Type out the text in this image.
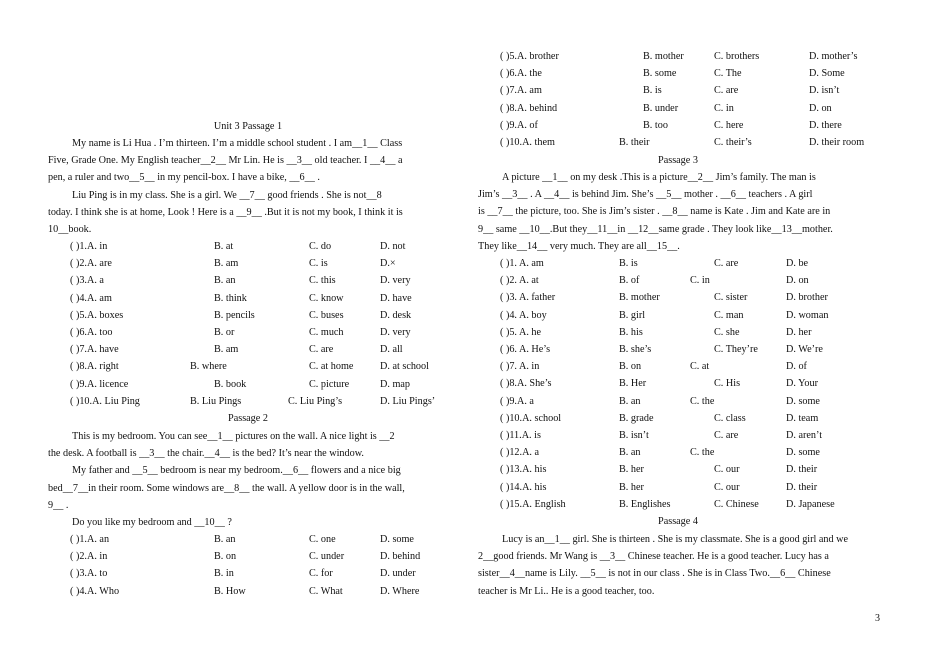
Unit 3 Passage 1
My name is Li Hua . I’m thirteen. I’m a middle school student . I am__1__ Class
Five, Grade One. My English teacher__2__ Mr Lin. He is __3__ old teacher. I __4__ a
pen, a ruler and two__5__ in my pencil-box. I have a bike, __6__ .
Liu Ping is in my class. She is a girl. We __7__ good friends . She is not__8
today. I think she is at home, Look ! Here is a __9__ .But it is not my book, I think it is
10__book.
( )1.A. in	B. at	C. do	D. not
( )2.A. are	B. am	C. is	D.×
( )3.A. a	B. an	C. this	D. very
( )4.A. am	B. think	C. know	D. have
( )5.A. boxes	B. pencils	C. buses	D. desk
( )6.A. too	B. or	C. much	D. very
( )7.A. have	B. am	C. are	D. all
( )8.A. right	B. where	C. at home	D. at school
( )9.A. licence	B. book	C. picture	D. map
( )10.A. Liu Ping	B. Liu Pings	C. Liu Ping’s	D. Liu Pings’
Passage 2
This is my bedroom. You can see__1__ pictures on the wall. A nice light is __2
the desk. A football is __3__ the chair.__4__ is the bed? It’s near the window.
My father and __5__ bedroom is near my bedroom.__6__ flowers and a nice big
bed__7__in their room. Some windows are__8__ the wall. A yellow door is in the wall,
9__ .
Do you like my bedroom and __10__ ?
( )1.A. an	B. an	C. one	D. some
( )2.A. in	B. on	C. under	D. behind
( )3.A. to	B. in	C. for	D. under
( )4.A. Who	B. How	C. What	D. Where
( )5.A. brother	B. mother	C. brothers	D. mother’s
( )6.A. the	B. some	C. The	D. Some
( )7.A. am	B. is	C. are	D. isn’t
( )8.A. behind	B. under	C. in	D. on
( )9.A. of	B. too	C. here	D. there
( )10.A. them	B. their	C. their’s	D. their room
Passage 3
A picture __1__ on my desk .This is a picture__2__ Jim’s family. The man is
Jim’s __3__ . A __4__ is behind Jim. She’s __5__ mother . __6__ teachers . A girl
is __7__ the picture, too. She is Jim’s sister . __8__ name is Kate . Jim and Kate are in
9__ same __10__.But they__11__in __12__same grade . They look like__13__mother.
They like__14__ very much. They are all__15__.
( )1. A. am	B. is	C. are	D. be
( )2. A. at	B. of	C. in	D. on
( )3. A. father	B. mother	C. sister	D. brother
( )4. A. boy	B. girl	C. man	D. woman
( )5. A. he	B. his	C. she	D. her
( )6. A. He’s	B. she’s	C. They’re	D. We’re
( )7. A. in	B. on	C. at	D. of
( )8.A. She’s	B. Her	C. His	D. Your
( )9.A. a	B. an	C. the	D. some
( )10.A. school	B. grade	C. class	D. team
( )11.A. is	B. isn’t	C. are	D. aren’t
( )12.A. a	B. an	C. the	D. some
( )13.A. his	B. her	C. our	D. their
( )14.A. his	B. her	C. our	D. their
( )15.A. English	B. Englishes	C. Chinese	D. Japanese
Passage 4
Lucy is an__1__ girl. She is thirteen . She is my classmate. She is a good girl and we
2__good friends. Mr Wang is __3__ Chinese teacher. He is a good teacher. Lucy has a
sister__4__name is Lily. __5__ is not in our class . She is in Class Two.__6__ Chinese
teacher is Mr Li.. He is a good teacher, too.
3
